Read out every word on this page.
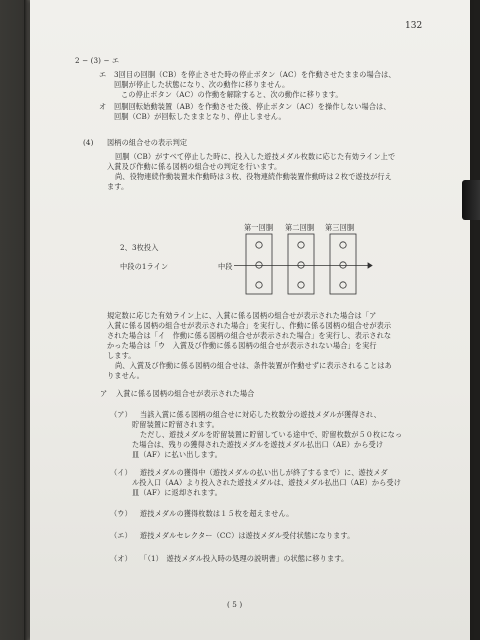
132
2 − (3) − エ
エ 3回目の回胴（CB）を停止させた時の停止ボタン（AC）を作動させたままの場合は、
回胴が停止した状態になり、次の動作に移りません。
この停止ボタン（AC）の作動を解除すると、次の動作に移ります。
オ 回胴回転始動装置（AB）を作動させた後、停止ボタン（AC）を操作しない場合は、
回胴（CB）が回転したままとなり、停止しません。
(4) 図柄の組合せの表示判定
回胴（CB）がすべて停止した時に、投入した遊技メダル枚数に応じた有効ライン上で
入賞及び作動に係る図柄の組合せの判定を行います。
尚、役物連続作動装置未作動時は３枚、役物連続作動装置作動時は２枚で遊技が行え
ます。
第一回胴 第二回胴 第三回胴
2、3枚投入
中段の1ライン	中段
規定数に応じた有効ライン上に、入賞に係る図柄の組合せが表示された場合は「ア
入賞に係る図柄の組合せが表示された場合」を実行し、作動に係る図柄の組合せが表示
された場合は「イ　作動に係る図柄の組合せが表示された場合」を実行し、表示されな
かった場合は「ウ　入賞及び作動に係る図柄の組合せが表示されない場合」を実行
します。
尚、入賞及び作動に係る図柄の組合せは、条件装置が作動せずに表示されることはあ
りません。
ア 入賞に係る図柄の組合せが表示された場合
（ア） 当該入賞に係る図柄の組合せに対応した枚数分の遊技メダルが獲得され、
貯留装置に貯留されます。
ただし、遊技メダルを貯留装置に貯留している途中で、貯留枚数が５０枚になっ
た場合は、残りの獲得された遊技メダルを遊技メダル払出口（AE）から受け
皿（AF）に払い出します。
（イ） 遊技メダルの獲得中（遊技メダルの払い出しが終了するまで）に、遊技メダ
ル投入口（AA）より投入された遊技メダルは、遊技メダル払出口（AE）から受け
皿（AF）に返却されます。
（ウ） 遊技メダルの獲得枚数は１５枚を超えません。
（エ） 遊技メダルセレクター（CC）は遊技メダル受付状態になります。
（オ） 「（1）　遊技メダル投入時の処理の説明書」の状態に移ります。
( 5 )
